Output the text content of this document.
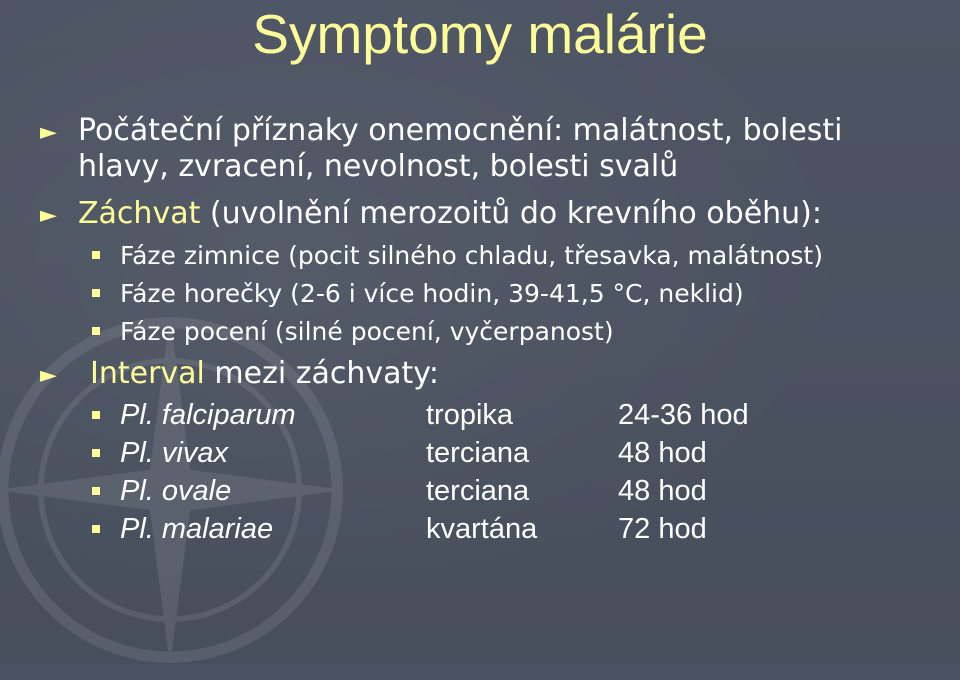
Symptomy malárie
► Počáteční příznaky onemocnění: malátnost, bolesti
hlavy, zvracení, nevolnost, bolesti svalů
► Záchvat (uvolnění merozoitů do krevního oběhu):
Fáze zimnice (pocit silného chladu, třesavka, malátnost)
Fáze horečky (2-6 i více hodin, 39-41,5 °C, neklid)
Fáze pocení (silné pocení, vyčerpanost)
►	Interval mezi záchvaty:
Pl. falciparum	tropika	24-36 hod
Pl. vivax	terciana	48 hod
Pl. ovale	terciana	48 hod
Pl. malariae	kvartána	72 hod
